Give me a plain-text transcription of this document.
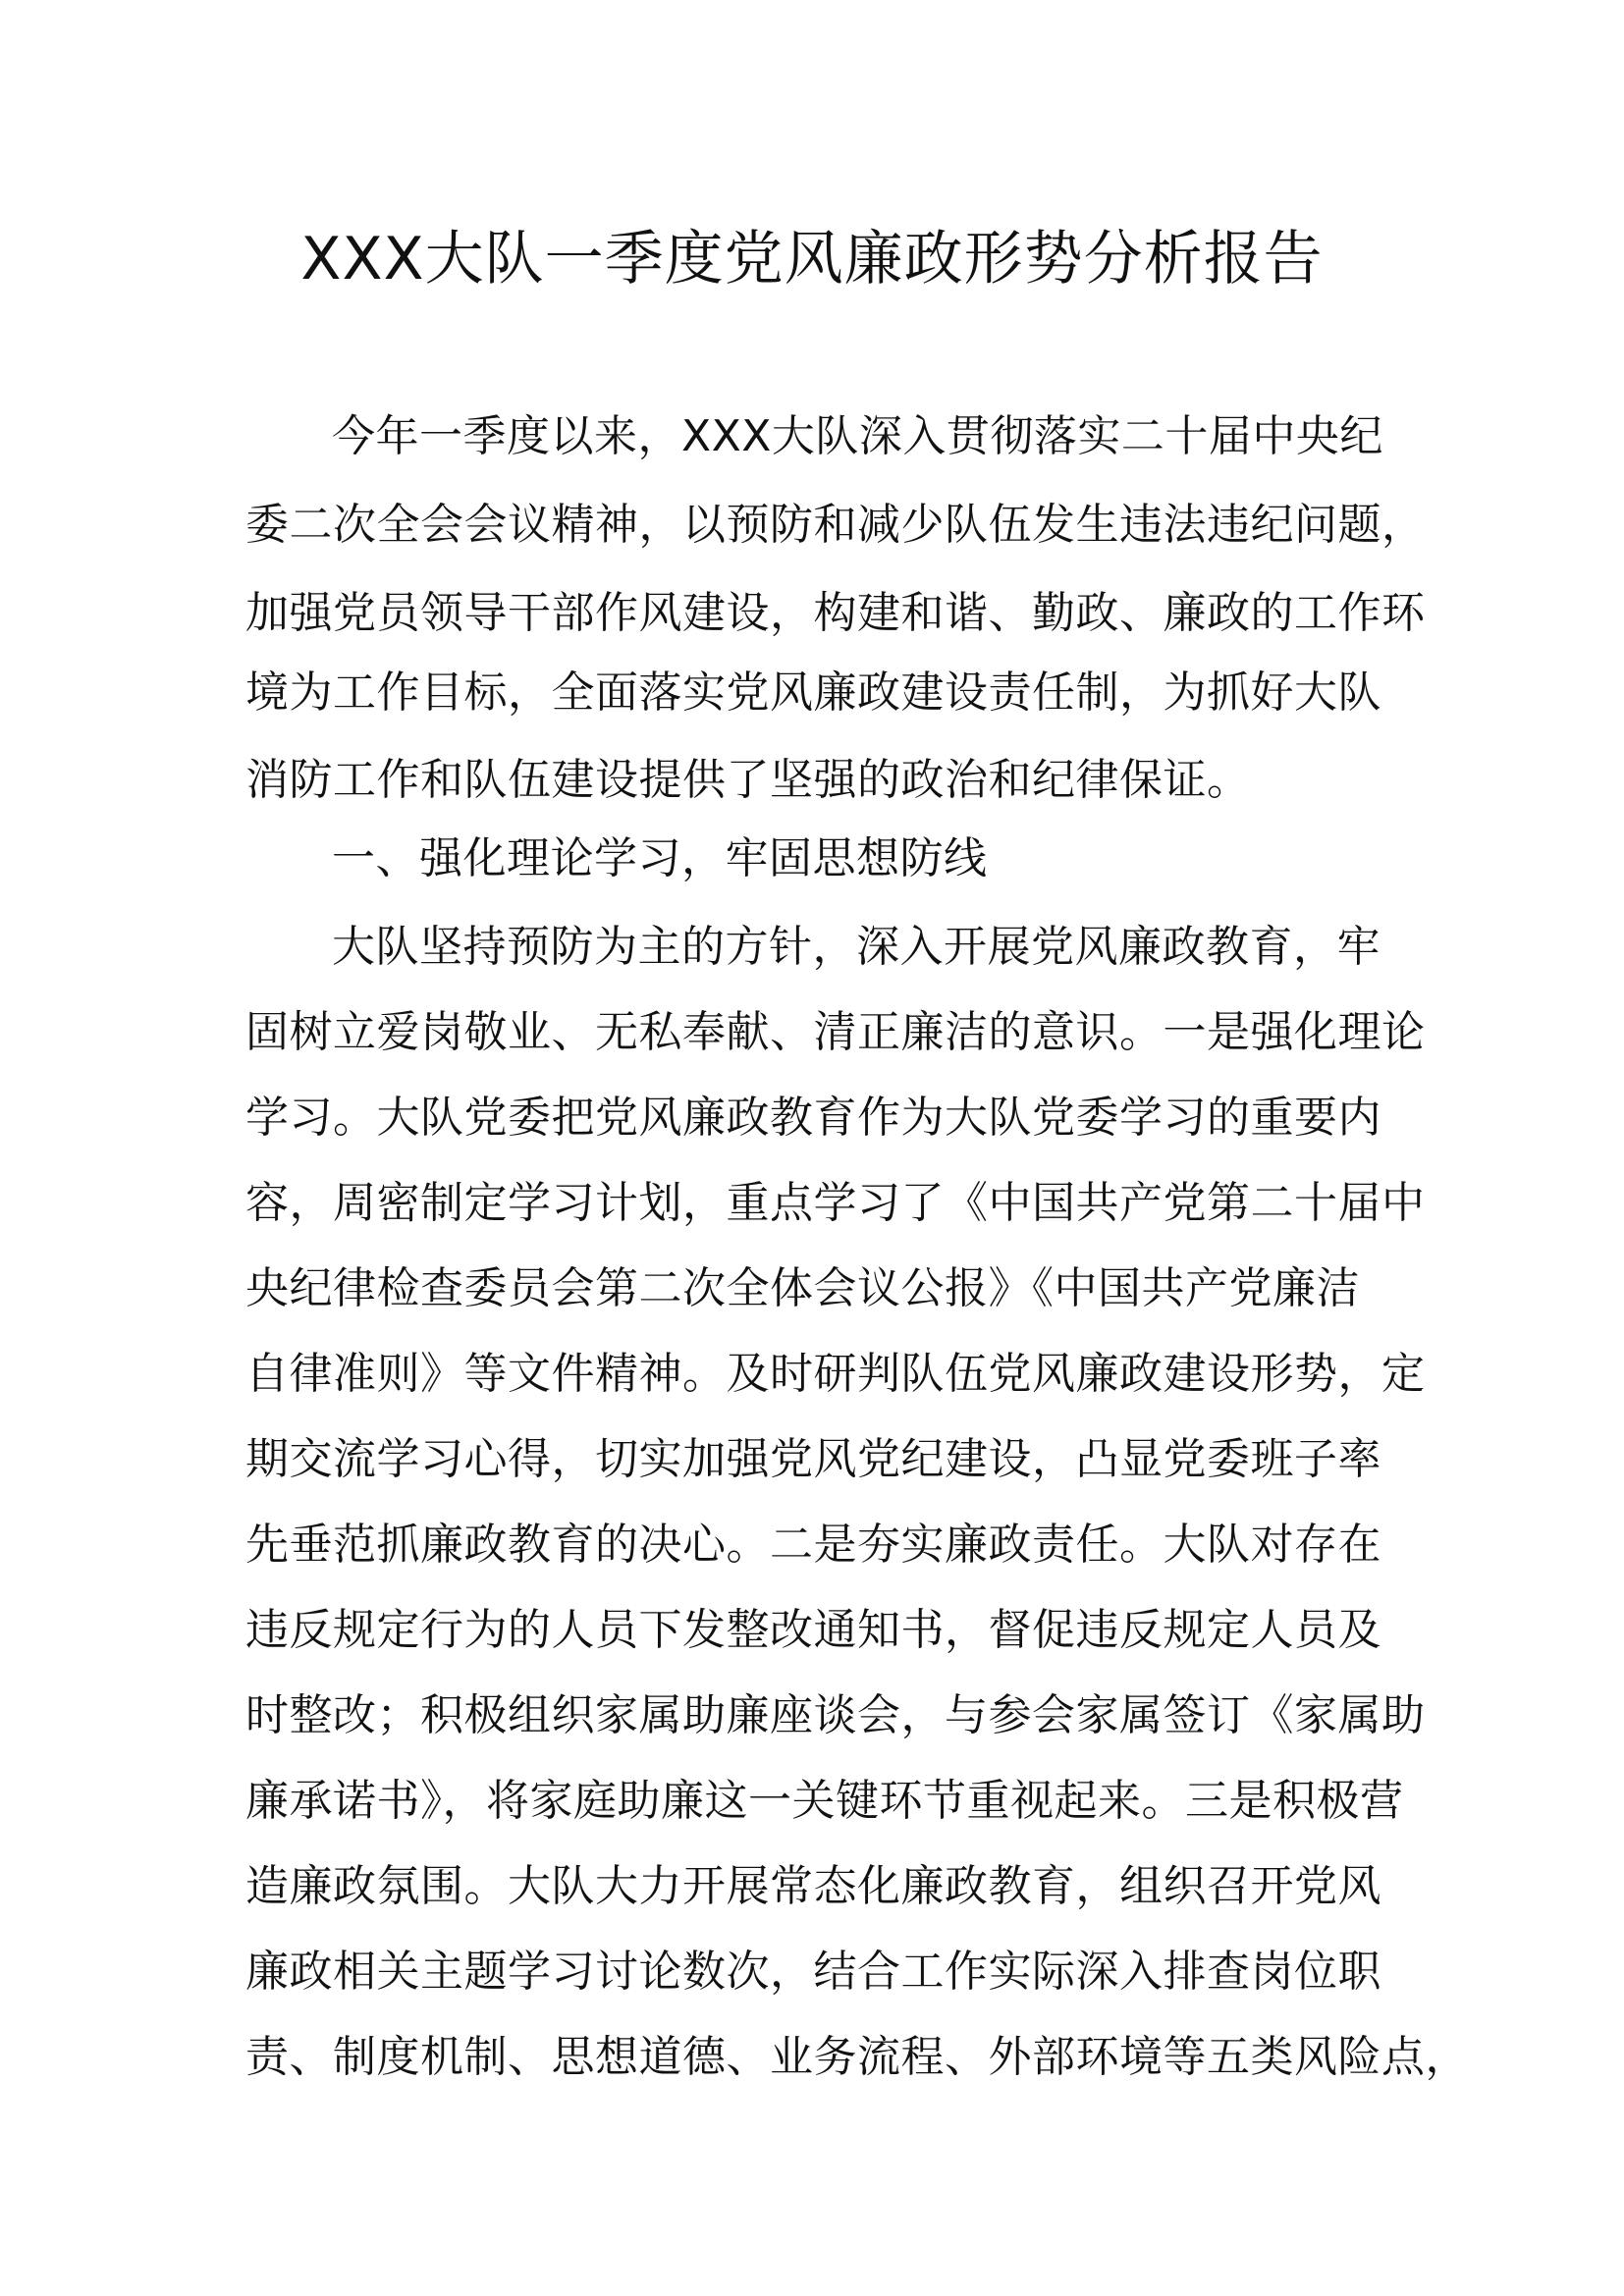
XXX大队一季度党风廉政形势分析报告
今年一季度以来，XXX大队深入贯彻落实二十届中央纪
委二次全会会议精神，以预防和减少队伍发生违法违纪问题，
加强党员领导干部作风建设，构建和谐、勤政、廉政的工作环
境为工作目标，全面落实党风廉政建设责任制，为抓好大队
消防工作和队伍建设提供了坚强的政治和纪律保证。
一、强化理论学习，牢固思想防线
大队坚持预防为主的方针，深入开展党风廉政教育，牢
固树立爱岗敬业、无私奉献、清正廉洁的意识。一是强化理论
学习。大队党委把党风廉政教育作为大队党委学习的重要内
容，周密制定学习计划，重点学习了《中国共产党第二十届中
央纪律检查委员会第二次全体会议公报》《中国共产党廉洁
自律准则》等文件精神。及时研判队伍党风廉政建设形势，定
期交流学习心得，切实加强党风党纪建设，凸显党委班子率
先垂范抓廉政教育的决心。二是夯实廉政责任。大队对存在
违反规定行为的人员下发整改通知书，督促违反规定人员及
时整改；积极组织家属助廉座谈会，与参会家属签订《家属助
廉承诺书》，将家庭助廉这一关键环节重视起来。三是积极营
造廉政氛围。大队大力开展常态化廉政教育，组织召开党风
廉政相关主题学习讨论数次，结合工作实际深入排查岗位职
责、制度机制、思想道德、业务流程、外部环境等五类风险点，
